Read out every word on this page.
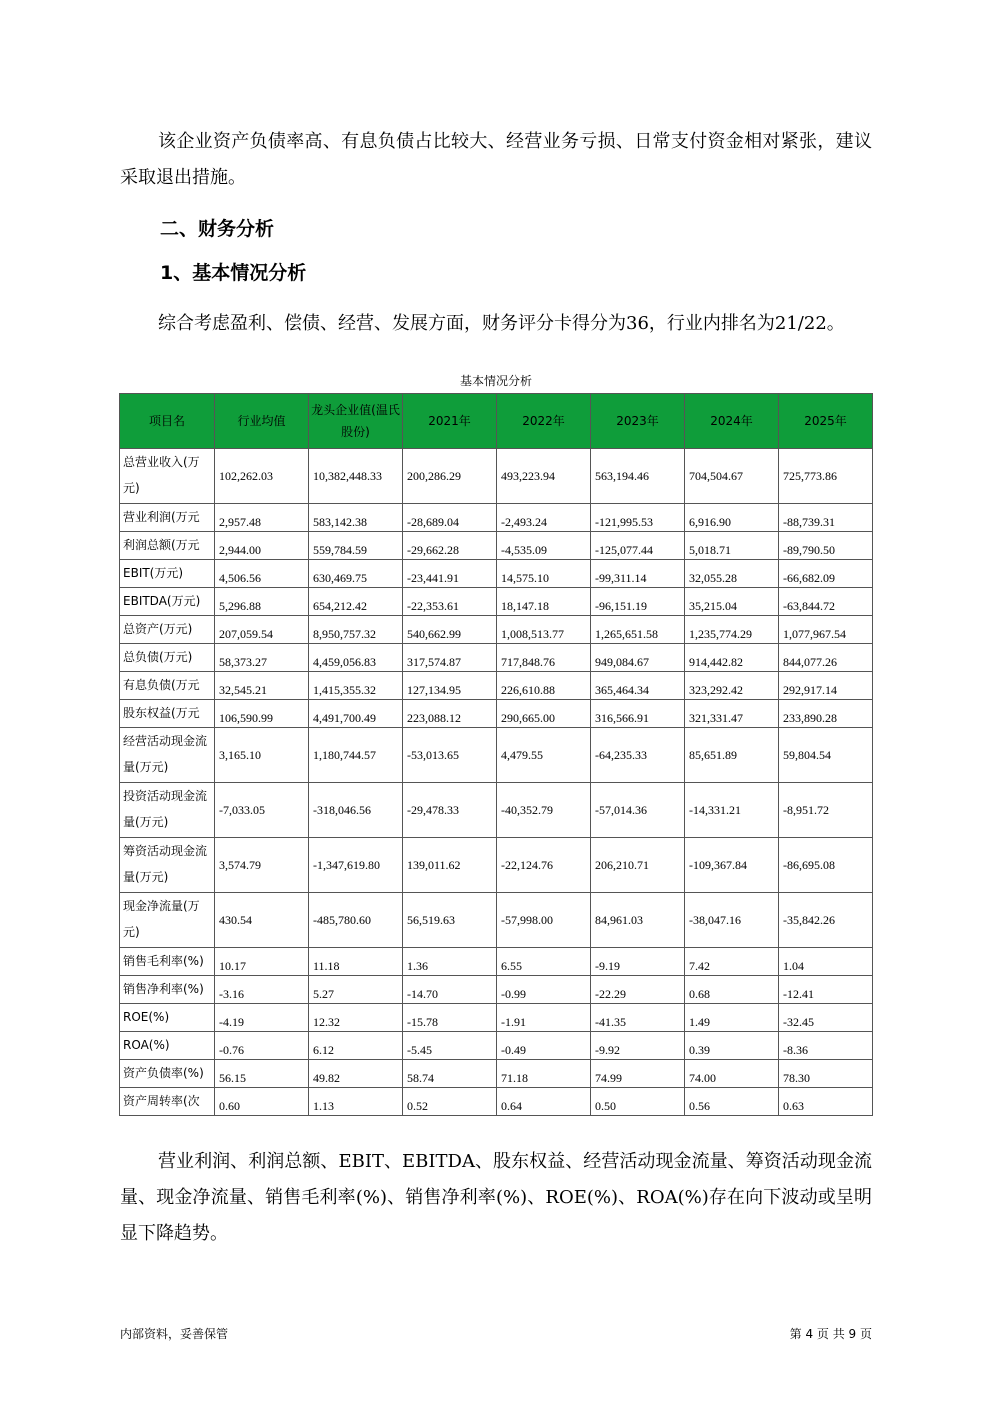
该企业资产负债率高、有息负债占比较大、经营业务亏损、日常支付资金相对紧张，建议采取退出措施。

二、财务分析
1、基本情况分析

综合考虑盈利、偿债、经营、发展方面，财务评分卡得分为36，行业内排名为21/22。

基本情况分析
项目名	行业均值	龙头企业值(温氏股份)	2021年	2022年	2023年	2024年	2025年
总营业收入(万元)	102,262.03	10,382,448.33	200,286.29	493,223.94	563,194.46	704,504.67	725,773.86
营业利润(万元	2,957.48	583,142.38	-28,689.04	-2,493.24	-121,995.53	6,916.90	-88,739.31
利润总额(万元	2,944.00	559,784.59	-29,662.28	-4,535.09	-125,077.44	5,018.71	-89,790.50
EBIT(万元)	4,506.56	630,469.75	-23,441.91	14,575.10	-99,311.14	32,055.28	-66,682.09
EBITDA(万元)	5,296.88	654,212.42	-22,353.61	18,147.18	-96,151.19	35,215.04	-63,844.72
总资产(万元)	207,059.54	8,950,757.32	540,662.99	1,008,513.77	1,265,651.58	1,235,774.29	1,077,967.54
总负债(万元)	58,373.27	4,459,056.83	317,574.87	717,848.76	949,084.67	914,442.82	844,077.26
有息负债(万元	32,545.21	1,415,355.32	127,134.95	226,610.88	365,464.34	323,292.42	292,917.14
股东权益(万元	106,590.99	4,491,700.49	223,088.12	290,665.00	316,566.91	321,331.47	233,890.28
经营活动现金流量(万元)	3,165.10	1,180,744.57	-53,013.65	4,479.55	-64,235.33	85,651.89	59,804.54
投资活动现金流量(万元)	-7,033.05	-318,046.56	-29,478.33	-40,352.79	-57,014.36	-14,331.21	-8,951.72
筹资活动现金流量(万元)	3,574.79	-1,347,619.80	139,011.62	-22,124.76	206,210.71	-109,367.84	-86,695.08
现金净流量(万元)	430.54	-485,780.60	56,519.63	-57,998.00	84,961.03	-38,047.16	-35,842.26
销售毛利率(%)	10.17	11.18	1.36	6.55	-9.19	7.42	1.04
销售净利率(%)	-3.16	5.27	-14.70	-0.99	-22.29	0.68	-12.41
ROE(%)	-4.19	12.32	-15.78	-1.91	-41.35	1.49	-32.45
ROA(%)	-0.76	6.12	-5.45	-0.49	-9.92	0.39	-8.36
资产负债率(%)	56.15	49.82	58.74	71.18	74.99	74.00	78.30
资产周转率(次	0.60	1.13	0.52	0.64	0.50	0.56	0.63

营业利润、利润总额、EBIT、EBITDA、股东权益、经营活动现金流量、筹资活动现金流量、现金净流量、销售毛利率(%)、销售净利率(%)、ROE(%)、ROA(%)存在向下波动或呈明显下降趋势。

内部资料，妥善保管	第 4 页 共 9 页
